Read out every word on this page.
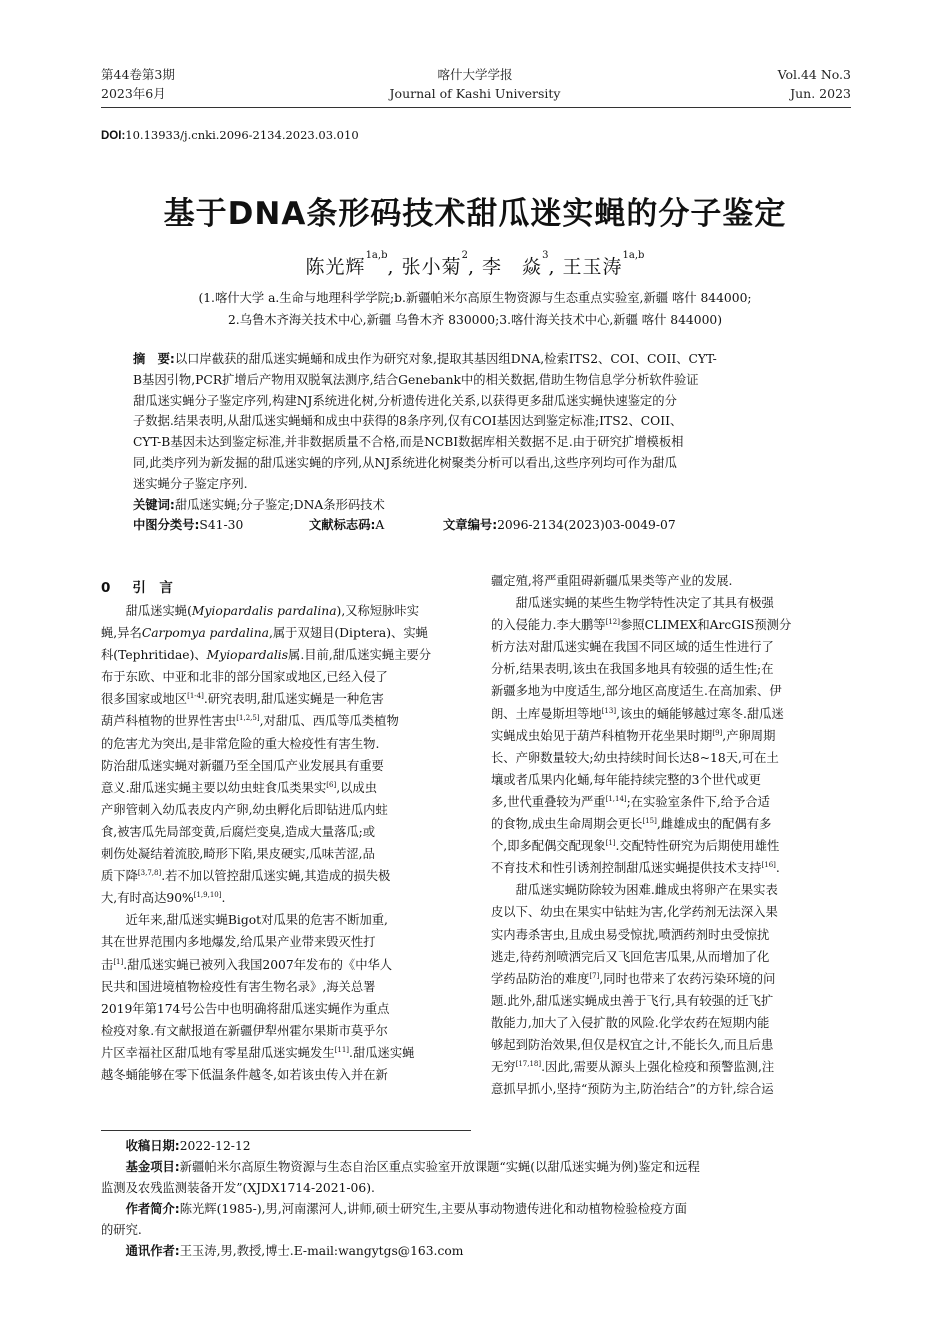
第44卷第3期
2023年6月
喀什大学学报
Journal of Kashi University
Vol.44 No.3
Jun. 2023
DOI:10.13933/j.cnki.2096-2134.2023.03.010
基于DNA条形码技术甜瓜迷实蝇的分子鉴定
陈光辉$^{1a,b}$, 张小菊$^2$, 李　焱$^3$, 王玉涛$^{1a,b}$
(1.喀什大学 a.生命与地理科学学院;b.新疆帕米尔高原生物资源与生态重点实验室,新疆 喀什 844000;
2.乌鲁木齐海关技术中心,新疆 乌鲁木齐 830000;3.喀什海关技术中心,新疆 喀什 844000)
摘　要:以口岸截获的甜瓜迷实蝇蛹和成虫作为研究对象,提取其基因组DNA,检索ITS2、COI、COII、CYT-
B基因引物,PCR扩增后产物用双脱氧法测序,结合Genebank中的相关数据,借助生物信息学分析软件验证
甜瓜迷实蝇分子鉴定序列,构建NJ系统进化树,分析遗传进化关系,以获得更多甜瓜迷实蝇快速鉴定的分
子数据.结果表明,从甜瓜迷实蝇蛹和成虫中获得的8条序列,仅有COI基因达到鉴定标准;ITS2、COII、
CYT-B基因未达到鉴定标准,并非数据质量不合格,而是NCBI数据库相关数据不足.由于研究扩增模板相
同,此类序列为新发掘的甜瓜迷实蝇的序列,从NJ系统进化树聚类分析可以看出,这些序列均可作为甜瓜
迷实蝇分子鉴定序列.
关键词:甜瓜迷实蝇;分子鉴定;DNA条形码技术
中图分类号:S41-30	文献标志码:A	文章编号:2096-2134(2023)03-0049-07
0 引　言
甜瓜迷实蝇(Myiopardalis pardalina),又称短脉咔实
蝇,异名Carpomya pardalina,属于双翅目(Diptera)、实蝇
科(Tephritidae)、Myiopardalis属.目前,甜瓜迷实蝇主要分
布于东欧、中亚和北非的部分国家或地区,已经入侵了
很多国家或地区[1-4].研究表明,甜瓜迷实蝇是一种危害
葫芦科植物的世界性害虫[1,2,5],对甜瓜、西瓜等瓜类植物
的危害尤为突出,是非常危险的重大检疫性有害生物.
防治甜瓜迷实蝇对新疆乃至全国瓜产业发展具有重要
意义.甜瓜迷实蝇主要以幼虫蛀食瓜类果实[6],以成虫
产卵管刺入幼瓜表皮内产卵,幼虫孵化后即钻进瓜内蛀
食,被害瓜先局部变黄,后腐烂变臭,造成大量落瓜;或
刺伤处凝结着流胶,畸形下陷,果皮硬实,瓜味苦涩,品
质下降[3,7,8].若不加以管控甜瓜迷实蝇,其造成的损失极
大,有时高达90%[1,9,10].
近年来,甜瓜迷实蝇Bigot对瓜果的危害不断加重,
其在世界范围内多地爆发,给瓜果产业带来毁灭性打
击[1].甜瓜迷实蝇已被列入我国2007年发布的《中华人
民共和国进境植物检疫性有害生物名录》,海关总署
2019年第174号公告中也明确将甜瓜迷实蝇作为重点
检疫对象.有文献报道在新疆伊犁州霍尔果斯市莫乎尔
片区幸福社区甜瓜地有零星甜瓜迷实蝇发生[11].甜瓜迷实蝇
越冬蛹能够在零下低温条件越冬,如若该虫传入并在新
疆定殖,将严重阻碍新疆瓜果类等产业的发展.
甜瓜迷实蝇的某些生物学特性决定了其具有极强
的入侵能力.李大鹏等[12]参照CLIMEX和ArcGIS预测分
析方法对甜瓜迷实蝇在我国不同区域的适生性进行了
分析,结果表明,该虫在我国多地具有较强的适生性;在
新疆多地为中度适生,部分地区高度适生.在高加索、伊
朗、土库曼斯坦等地[13],该虫的蛹能够越过寒冬.甜瓜迷
实蝇成虫始见于葫芦科植物开花坐果时期[9],产卵周期
长、产卵数量较大;幼虫持续时间长达8~18天,可在土
壤或者瓜果内化蛹,每年能持续完整的3个世代或更
多,世代重叠较为严重[1,14];在实验室条件下,给予合适
的食物,成虫生命周期会更长[15],雌雄成虫的配偶有多
个,即多配偶交配现象[1].交配特性研究为后期使用雄性
不育技术和性引诱剂控制甜瓜迷实蝇提供技术支持[16].
甜瓜迷实蝇防除较为困难.雌成虫将卵产在果实表
皮以下、幼虫在果实中钻蛀为害,化学药剂无法深入果
实内毒杀害虫,且成虫易受惊扰,喷洒药剂时虫受惊扰
逃走,待药剂喷洒完后又飞回危害瓜果,从而增加了化
学药品防治的难度[7],同时也带来了农药污染环境的问
题.此外,甜瓜迷实蝇成虫善于飞行,具有较强的迁飞扩
散能力,加大了入侵扩散的风险.化学农药在短期内能
够起到防治效果,但仅是权宜之计,不能长久,而且后患
无穷[17,18].因此,需要从源头上强化检疫和预警监测,注
意抓早抓小,坚持“预防为主,防治结合”的方针,综合运
收稿日期:2022-12-12
基金项目:新疆帕米尔高原生物资源与生态自治区重点实验室开放课题“实蝇(以甜瓜迷实蝇为例)鉴定和远程
监测及农残监测装备开发”(XJDX1714-2021-06).
作者简介:陈光辉(1985-),男,河南漯河人,讲师,硕士研究生,主要从事动物遗传进化和动植物检验检疫方面
的研究.
通讯作者:王玉涛,男,教授,博士.E-mail:wangytgs@163.com
